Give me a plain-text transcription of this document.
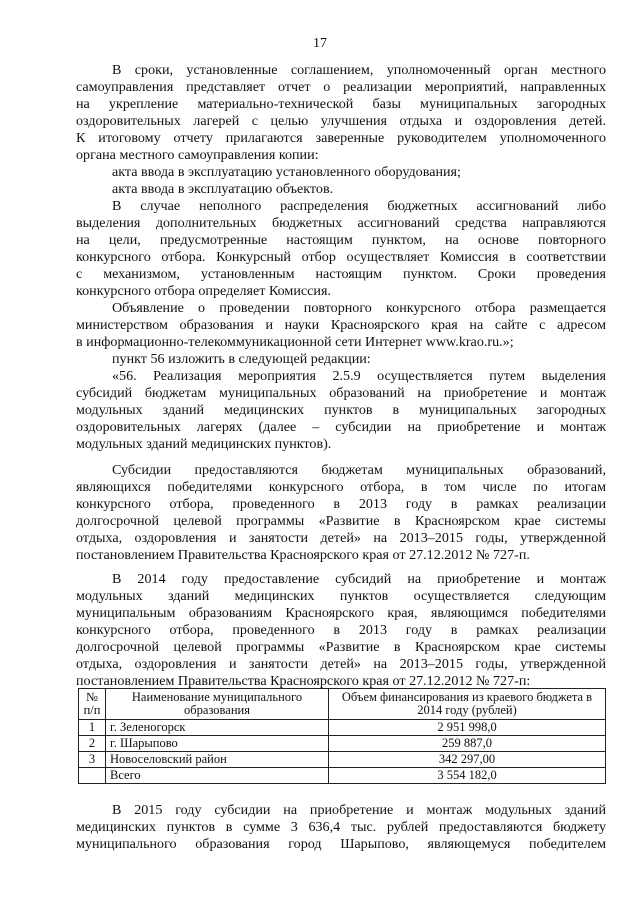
17
В сроки, установленные соглашением, уполномоченный орган местного
самоуправления представляет отчет о реализации мероприятий, направленных
на укрепление материально-технической базы муниципальных загородных
оздоровительных лагерей с целью улучшения отдыха и оздоровления детей.
К итоговому отчету прилагаются заверенные руководителем уполномоченного
органа местного самоуправления копии:
акта ввода в эксплуатацию установленного оборудования;
акта ввода в эксплуатацию объектов.
В случае неполного распределения бюджетных ассигнований либо
выделения дополнительных бюджетных ассигнований средства направляются
на цели, предусмотренные настоящим пунктом, на основе повторного
конкурсного отбора. Конкурсный отбор осуществляет Комиссия в соответствии
с механизмом, установленным настоящим пунктом. Сроки проведения
конкурсного отбора определяет Комиссия.
Объявление о проведении повторного конкурсного отбора размещается
министерством образования и науки Красноярского края на сайте с адресом
в информационно-телекоммуникационной сети Интернет www.krao.ru.»;
пункт 56 изложить в следующей редакции:
«56. Реализация мероприятия 2.5.9 осуществляется путем выделения
субсидий бюджетам муниципальных образований на приобретение и монтаж
модульных зданий медицинских пунктов в муниципальных загородных
оздоровительных лагерях (далее – субсидии на приобретение и монтаж
модульных зданий медицинских пунктов).
Субсидии предоставляются бюджетам муниципальных образований,
являющихся победителями конкурсного отбора, в том числе по итогам
конкурсного отбора, проведенного в 2013 году в рамках реализации
долгосрочной целевой программы «Развитие в Красноярском крае системы
отдыха, оздоровления и занятости детей» на 2013–2015 годы, утвержденной
постановлением Правительства Красноярского края от 27.12.2012 № 727-п.
В 2014 году предоставление субсидий на приобретение и монтаж
модульных зданий медицинских пунктов осуществляется следующим
муниципальным образованиям Красноярского края, являющимся победителями
конкурсного отбора, проведенного в 2013 году в рамках реализации
долгосрочной целевой программы «Развитие в Красноярском крае системы
отдыха, оздоровления и занятости детей» на 2013–2015 годы, утвержденной
постановлением Правительства Красноярского края от 27.12.2012 № 727-п:
№ п/п	Наименование муниципального образования	Объем финансирования из краевого бюджета в 2014 году (рублей)
1	г. Зеленогорск	2 951 998,0
2	г. Шарыпово	259 887,0
3	Новоселовский район	342 297,00
	Всего	3 554 182,0
В 2015 году субсидии на приобретение и монтаж модульных зданий
медицинских пунктов в сумме 3 636,4 тыс. рублей предоставляются бюджету
муниципального образования город Шарыпово, являющемуся победителем
